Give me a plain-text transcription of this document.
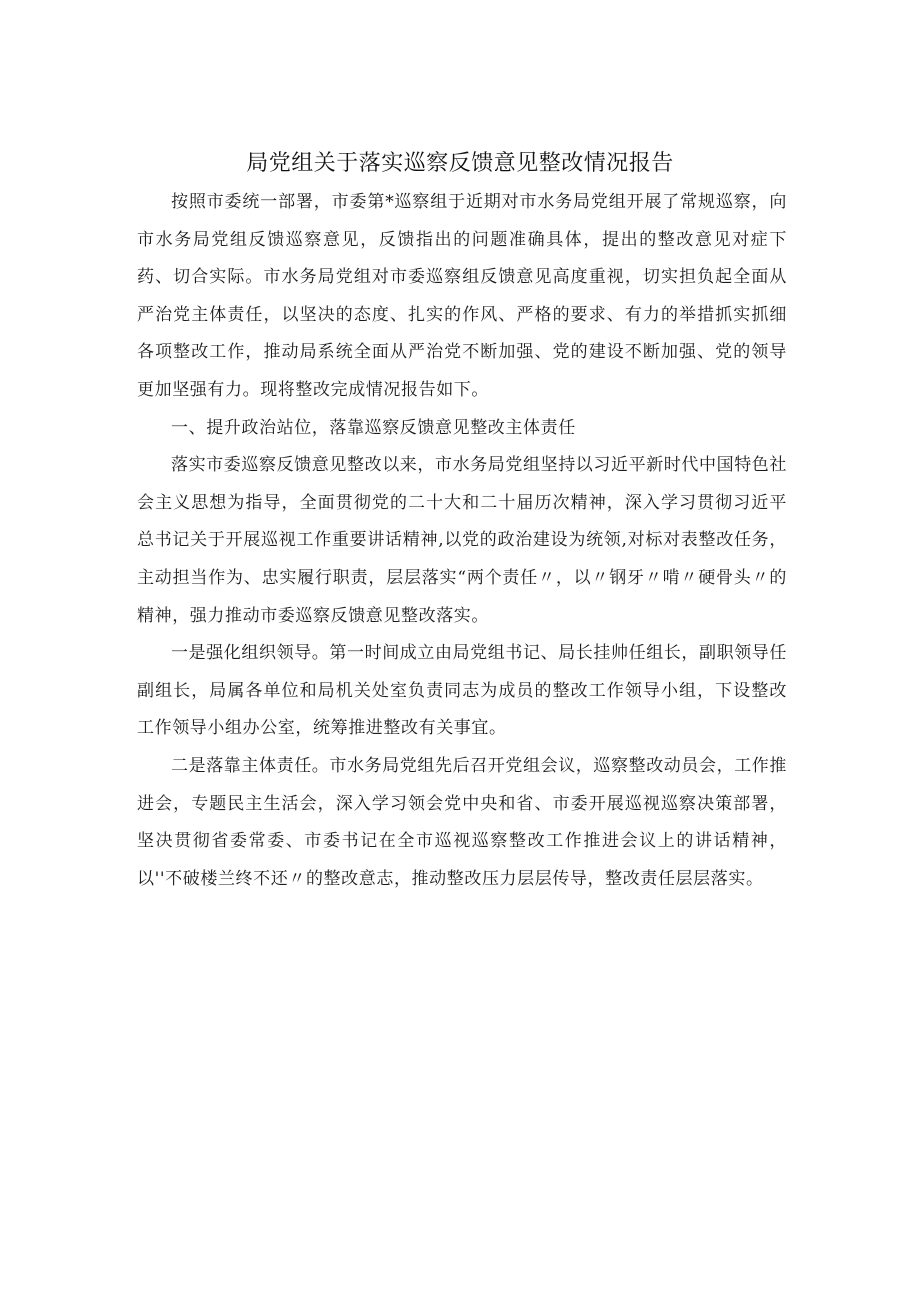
局党组关于落实巡察反馈意见整改情况报告

按照市委统一部署，市委第*巡察组于近期对市水务局党组开展了常规巡察，向市水务局党组反馈巡察意见，反馈指出的问题准确具体，提出的整改意见对症下药、切合实际。市水务局党组对市委巡察组反馈意见高度重视，切实担负起全面从严治党主体责任，以坚决的态度、扎实的作风、严格的要求、有力的举措抓实抓细各项整改工作，推动局系统全面从严治党不断加强、党的建设不断加强、党的领导更加坚强有力。现将整改完成情况报告如下。

一、提升政治站位，落靠巡察反馈意见整改主体责任

落实市委巡察反馈意见整改以来，市水务局党组坚持以习近平新时代中国特色社会主义思想为指导，全面贯彻党的二十大和二十届历次精神，深入学习贯彻习近平总书记关于开展巡视工作重要讲话精神,以党的政治建设为统领,对标对表整改任务，主动担当作为、忠实履行职责，层层落实“两个责任〃，以〃钢牙〃啃〃硬骨头〃的精神，强力推动市委巡察反馈意见整改落实。

一是强化组织领导。第一时间成立由局党组书记、局长挂帅任组长，副职领导任副组长，局属各单位和局机关处室负责同志为成员的整改工作领导小组，下设整改工作领导小组办公室，统筹推进整改有关事宜。

二是落靠主体责任。市水务局党组先后召开党组会议，巡察整改动员会，工作推进会，专题民主生活会，深入学习领会党中央和省、市委开展巡视巡察决策部署，坚决贯彻省委常委、市委书记在全市巡视巡察整改工作推进会议上的讲话精神，以''不破楼兰终不还〃的整改意志，推动整改压力层层传导，整改责任层层落实。
